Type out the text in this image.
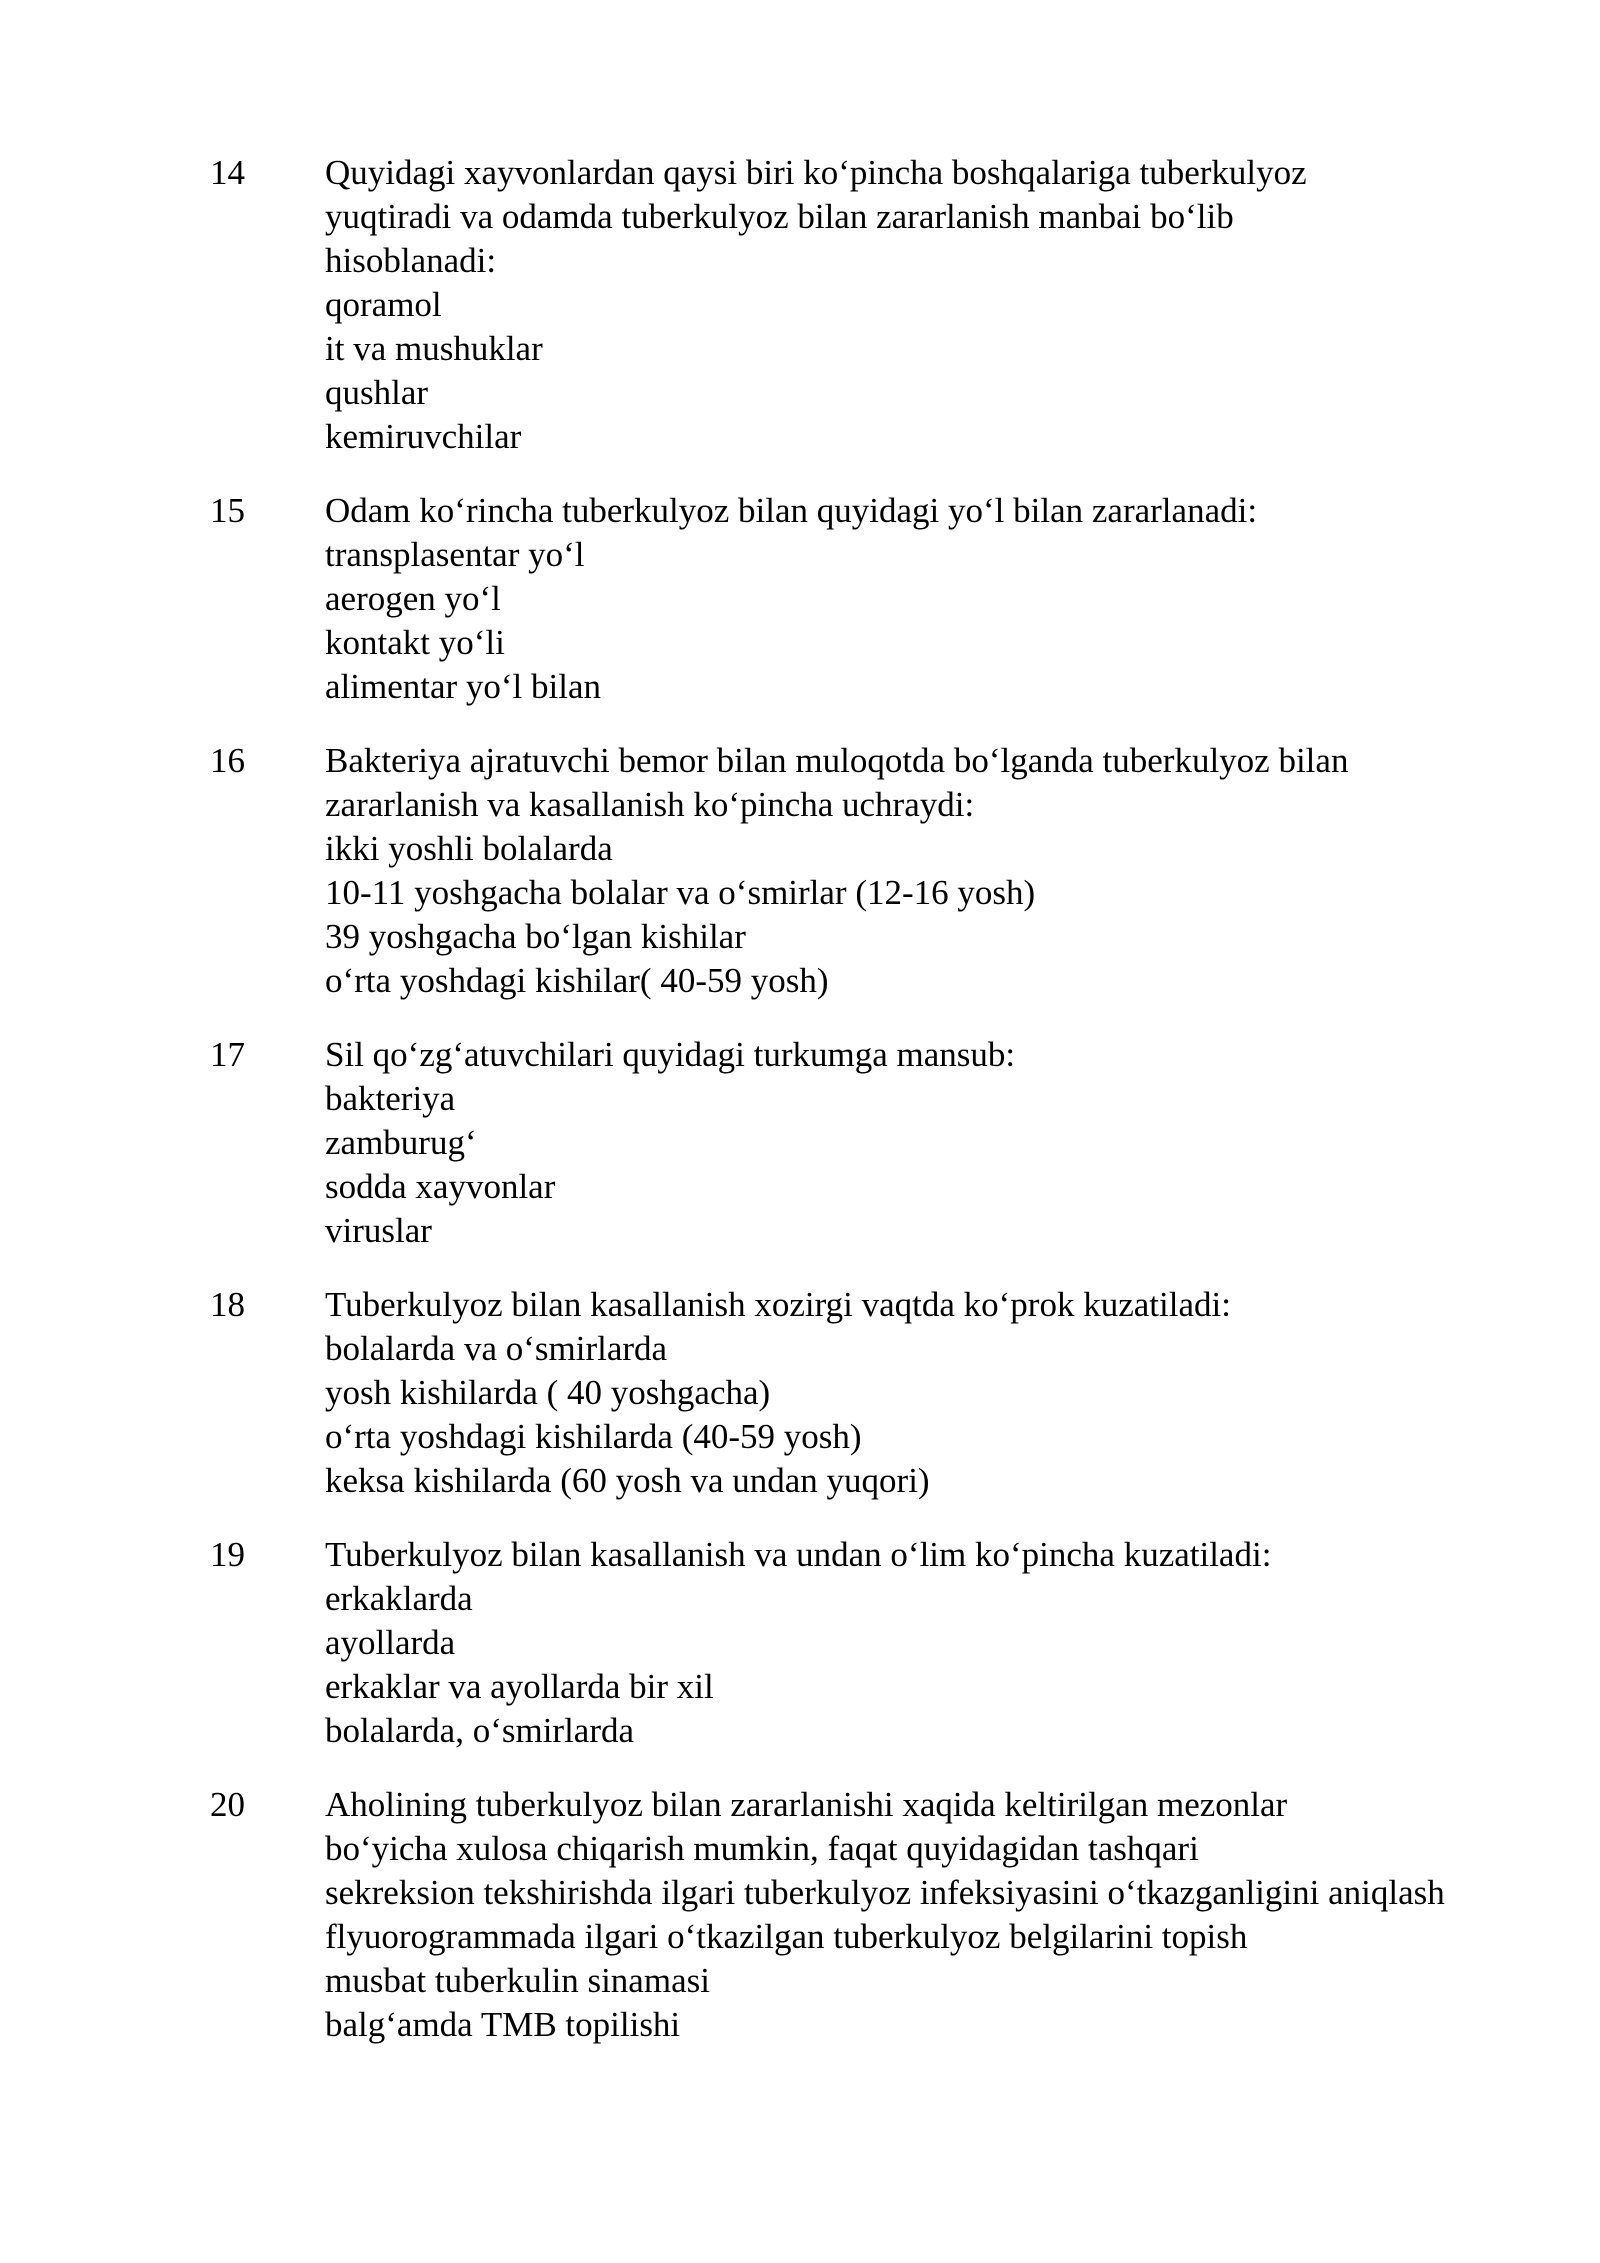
14	Quyidagi xayvonlardan qaysi biri ko‘pincha boshqalariga tuberkulyoz
yuqtiradi va odamda tuberkulyoz bilan zararlanish manbai bo‘lib
hisoblanadi:
qoramol
it va mushuklar
qushlar
kemiruvchilar
15	Odam ko‘rincha tuberkulyoz bilan quyidagi yo‘l bilan zararlanadi:
transplasentar yo‘l
aerogen yo‘l
kontakt yo‘li
alimentar yo‘l bilan
16	Bakteriya ajratuvchi bemor bilan muloqotda bo‘lganda tuberkulyoz bilan
zararlanish va kasallanish ko‘pincha uchraydi:
ikki yoshli bolalarda
10-11 yoshgacha bolalar va o‘smirlar (12-16 yosh)
39 yoshgacha bo‘lgan kishilar
o‘rta yoshdagi kishilar( 40-59 yosh)
17	Sil qo‘zg‘atuvchilari quyidagi turkumga mansub:
bakteriya
zamburug‘
sodda xayvonlar
viruslar
18	Tuberkulyoz bilan kasallanish xozirgi vaqtda ko‘prok kuzatiladi:
bolalarda va o‘smirlarda
yosh kishilarda ( 40 yoshgacha)
o‘rta yoshdagi kishilarda (40-59 yosh)
keksa kishilarda (60 yosh va undan yuqori)
19	Tuberkulyoz bilan kasallanish va undan o‘lim ko‘pincha kuzatiladi:
erkaklarda
ayollarda
erkaklar va ayollarda bir xil
bolalarda, o‘smirlarda
20	Aholining tuberkulyoz bilan zararlanishi xaqida keltirilgan mezonlar
bo‘yicha xulosa chiqarish mumkin, faqat quyidagidan tashqari
sekreksion tekshirishda ilgari tuberkulyoz infeksiyasini o‘tkazganligini aniqlash
flyuorogrammada ilgari o‘tkazilgan tuberkulyoz belgilarini topish
musbat tuberkulin sinamasi
balg‘amda TMB topilishi
